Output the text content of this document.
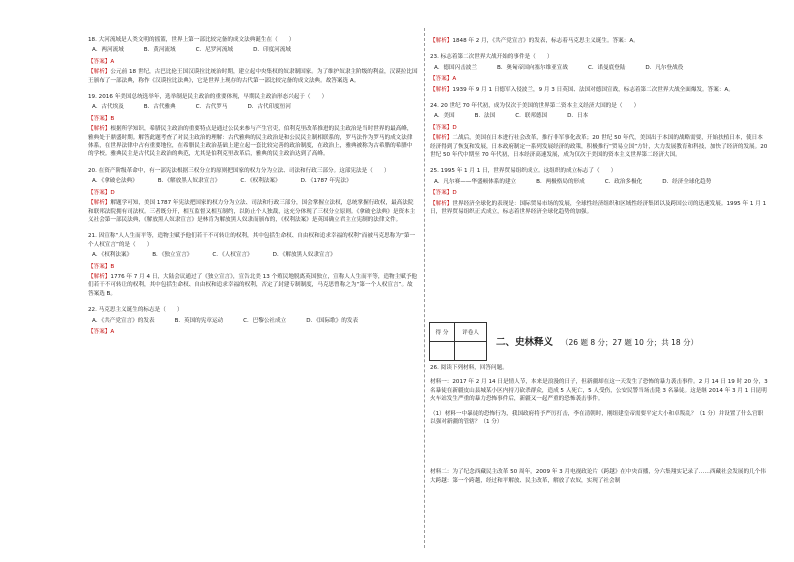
18. 大河流域是人类文明的摇篮，世界上第一部比较完备的成文法典诞生在（　　）

A．两河流域	B．黄河流域	C．尼罗河流域	D．印度河流域

【答案】A

【解析】公元前 18 世纪，古巴比伦王国汉谟拉比统治时期，建立起中央集权的奴隶制国家。为了维护奴隶主阶级的利益，汉谟拉比国王颁布了一部法典，称作《汉谟拉比法典》，它是世界上现存的古代第一部比较完备的成文法典。故答案选 A。

19. 2016 年美国总统选举年，选举制是民主政治的重要体现，早期民主政治形态兴起于（　　）

A．古代埃及	B．古代雅典	C．古代罗马	D．古代印度恒河

【答案】B

【解析】根据所学知识，希腊民主政治的重要特点是通过公民来参与产生官吏，伯利克里改革推进的民主政治是当时世界的最高峰，雅典处于鼎盛时期。解答此题考查了对民主政治的理解：古代雅典的民主政治是和公民民主制相联系的，罗马法作为罗马的成文法律体系，在世界法律中占有重要地位，在希腊民主政治基础上建立起一套比较完善的政治制度，在政治上，雅典被称为古希腊的希腊中的学校。雅典民主是古代民主政治的典范，尤其是伯利克里改革后，雅典的民主政治达到了高峰。

20. 在资产阶级革命中，有一部宪法根据三权分立的原则把国家的权力分为立法、司法和行政三部分。这部宪法是（　　）

A．《拿破仑法典》	B．《解放黑人奴隶宣言》	C．《权利法案》	D．《1787 年宪法》

【答案】D

【解析】解题学可知，美国 1787 年宪法把国家的权力分为立法、司法和行政三部分，国会掌握立法权，总统掌握行政权，最高法院和联邦法院拥有司法权。三者既分开，相互监督又相互制约，以防止个人独裁，这充分体现了三权分立原则。《拿破仑法典》是资本主义社会第一部民法典，《解放黑人奴隶宣言》是林肯为解放黑人奴隶而颁布的，《权利法案》是英国确立君主立宪制的法律文件。

21. 因宣称“人人生而平等，造物主赋予他们若干不可转让的权利，其中包括生命权、自由权和追求幸福的权利”而被马克思称为“第一个人权宣言”的是（　　）

A．《权利法案》	B．《独立宣言》	C．《人权宣言》	D．《解放黑人奴隶宣言》

【答案】B

【解析】1776 年 7 月 4 日，大陆会议通过了《独立宣言》，宣告北美 13 个殖民地脱离英国独立，宣称人人生而平等，造物主赋予他们若干不可转让的权利，其中包括生命权、自由权和追求幸福的权利，否定了封建专制制度，马克思曾称之为“第一个人权宣言”。故答案选 B。

22. 马克思主义诞生的标志是（　　）

A．《共产党宣言》的发表	B．英国的宪章运动	C．巴黎公社成立	D．《国际歌》的发表

【答案】A

【解析】1848 年 2 月，《共产党宣言》的发表，标志着马克思主义诞生。答案：A。

23. 标志着第二次世界大战开始的事件是（　　）

A．德国闪击波兰	B．奥匈帝国向塞尔维亚宣战	C．诺曼底登陆	D．凡尔登战役

【答案】A

【解析】1939 年 9 月 1 日德军入侵波兰，9 月 3 日英国、法国对德国宣战，标志着第二次世界大战全面爆发。答案：A。

24. 20 世纪 70 年代初，成为仅次于美国的世界第二资本主义经济大国的是（　　）

A．美国	B．法国	C．联邦德国	D．日本

【答案】D

【解析】二战后，美国在日本进行社会改革，推行非军事化改革；20 世纪 50 年代，美国出于本国的战略需要，开始扶植日本，使日本经济得到了恢复和发展，日本政府制定一系列发展经济的政策，积极推行“贸易立国”方针，大力发展教育和科技，加快了经济的发展。20 世纪 50 年代中期至 70 年代初，日本经济高速发展，成为仅次于美国的资本主义世界第二经济大国。

25. 1995 年 1 月 1 日，世界贸易组织成立。这组织的成立标志了（　　）

A．凡尔赛——华盛顿体系的建立	B．两极格局的形成	C．政治多极化	D．经济全球化趋势

【答案】D

【解析】世界经济全球化的表现是：国际贸易市场的发展，全球性经济组织和区域性经济集团以及跨国公司的迅速发展。1995 年 1 月 1 日，世界贸易组织正式成立，标志着世界经济全球化趋势的加强。

得 分	评卷人

二、史林释义 （26 题 8 分；27 题 10 分；共 18 分）

26. 阅读下列材料，回答问题。

材料一：2017 年 2 月 14 日是情人节，本来是浪漫的日子，但新疆却在这一天发生了恐怖的暴力袭击事件。2 月 14 日 19 时 20 分，3 名暴徒在新疆皮山县城某小区内持刀砍杀群众，造成 5 人死亡，5 人受伤，公安民警当场击毙 3 名暴徒。这是继 2014 年 3 月 1 日昆明火车站发生严重的暴力恐怖事件后，新疆又一起严重的恐怖袭击事件。

（1）材料一中暴徒的恐怖行为，我国政府将予严厉打击，李在清朝时，刚组建皇帝需要平定大小和卓叛乱？（1 分）并设置了什么官职以强对新疆的管辖？（1 分）

材料二：为了纪念西藏民主改革 50 周年，2009 年 3 月电视政论片《跨越》在中央首播，分六集翔实记录了……西藏社会发展的几个伟大跨越：第一个跨越，经过和平解放、民主改革，解放了农奴，实现了社会制
